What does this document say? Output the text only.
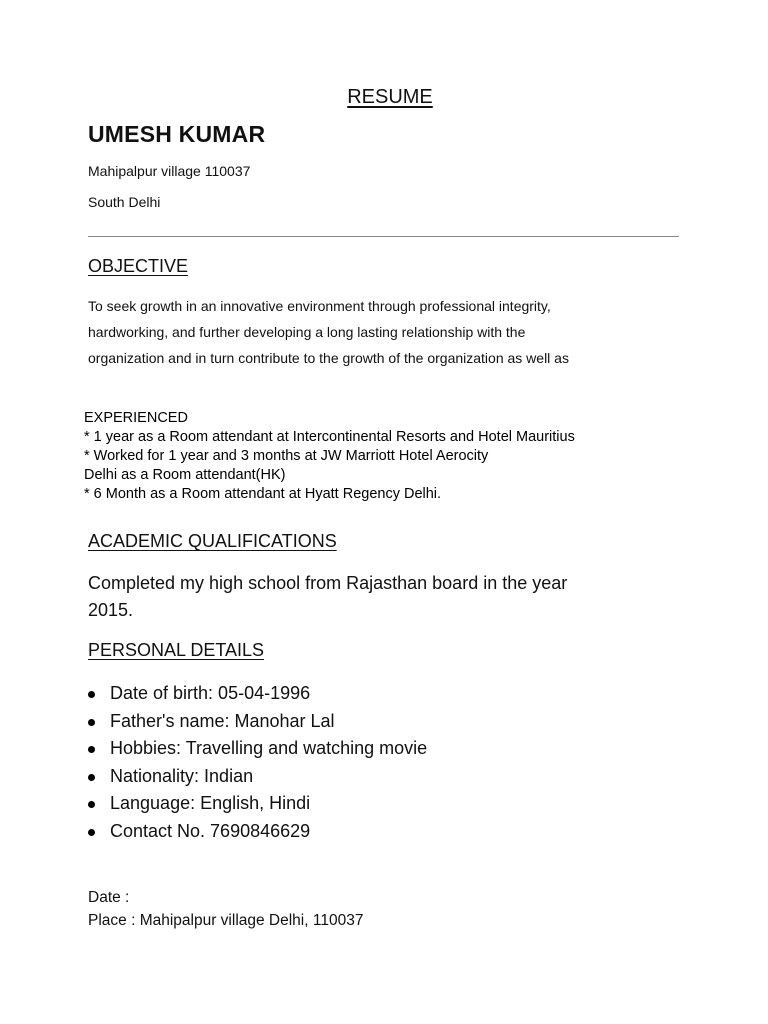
RESUME
UMESH KUMAR
Mahipalpur village 110037
South Delhi
OBJECTIVE
To seek growth in an innovative environment through professional integrity,
hardworking, and further developing a long lasting relationship with the
organization and in turn contribute to the growth of the organization as well as
EXPERIENCED
* 1 year as a Room attendant at Intercontinental Resorts and Hotel Mauritius
* Worked for 1 year and 3 months at JW Marriott Hotel Aerocity
Delhi as a Room attendant(HK)
* 6 Month as a Room attendant at Hyatt Regency Delhi.
ACADEMIC QUALIFICATIONS
Completed my high school from Rajasthan board in the year
2015.
PERSONAL DETAILS
Date of birth: 05-04-1996
Father's name: Manohar Lal
Hobbies: Travelling and watching movie
Nationality: Indian
Language: English, Hindi
Contact No. 7690846629
Date :
Place : Mahipalpur village Delhi, 110037
